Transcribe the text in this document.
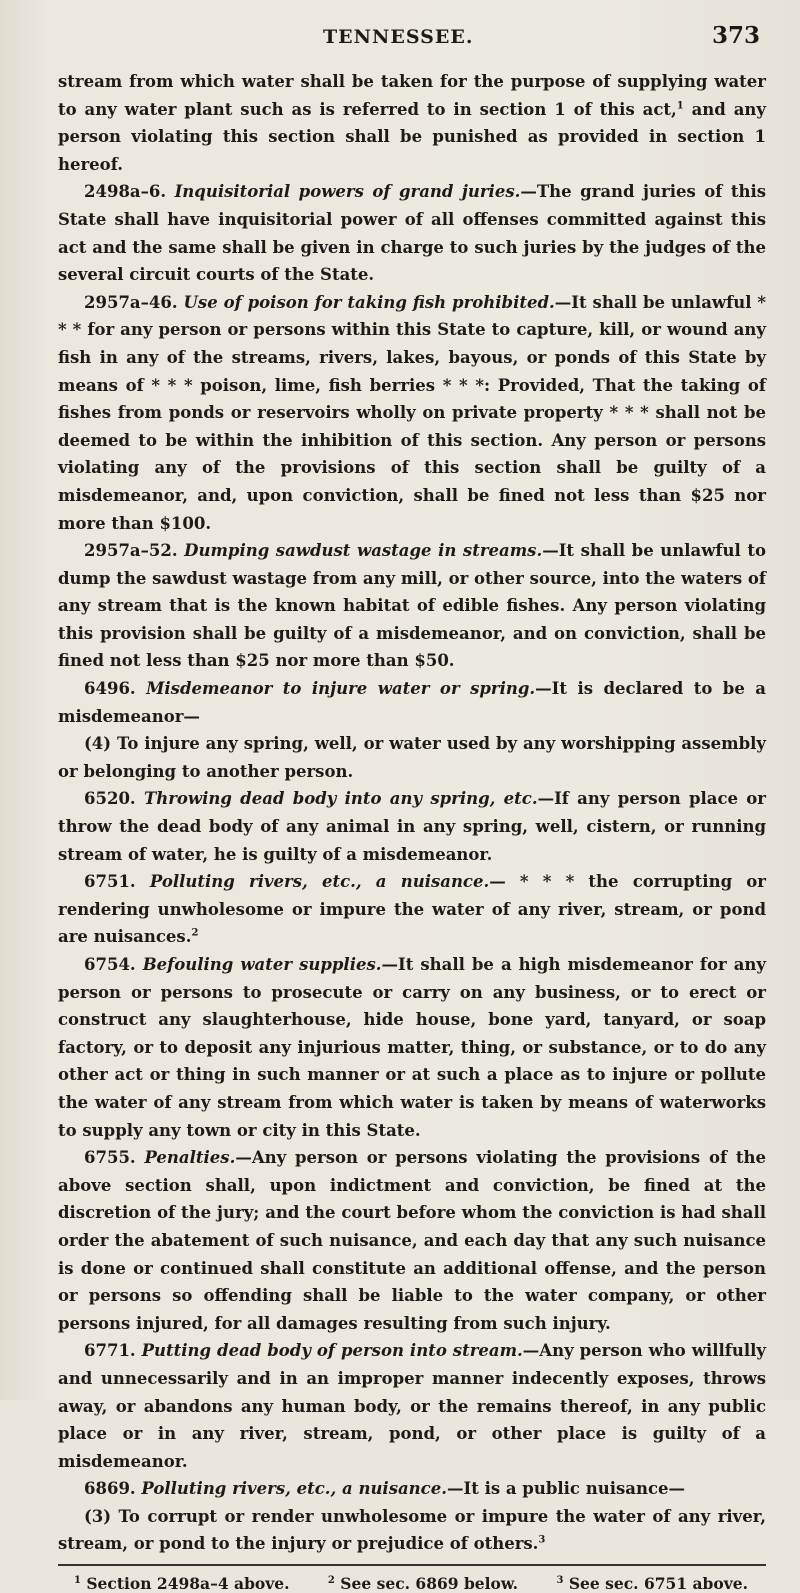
TENNESSEE.	373

stream from which water shall be taken for the purpose of supplying water to any water plant such as is referred to in section 1 of this act,$^1$ and any person violating this section shall be punished as provided in section 1 hereof.

2498a–6. Inquisitorial powers of grand juries.—The grand juries of this State shall have inquisitorial power of all offenses committed against this act and the same shall be given in charge to such juries by the judges of the several circuit courts of the State.

2957a–46. Use of poison for taking fish prohibited.—It shall be unlawful * * * for any person or persons within this State to capture, kill, or wound any fish in any of the streams, rivers, lakes, bayous, or ponds of this State by means of * * * poison, lime, fish berries * * *: Provided, That the taking of fishes from ponds or reservoirs wholly on private property * * * shall not be deemed to be within the inhibition of this section. Any person or persons violating any of the provisions of this section shall be guilty of a misdemeanor, and, upon conviction, shall be fined not less than $25 nor more than $100.

2957a–52. Dumping sawdust wastage in streams.—It shall be unlawful to dump the sawdust wastage from any mill, or other source, into the waters of any stream that is the known habitat of edible fishes. Any person violating this provision shall be guilty of a misdemeanor, and on conviction, shall be fined not less than $25 nor more than $50.

6496. Misdemeanor to injure water or spring.—It is declared to be a misdemeanor—

(4) To injure any spring, well, or water used by any worshipping assembly or belonging to another person.

6520. Throwing dead body into any spring, etc.—If any person place or throw the dead body of any animal in any spring, well, cistern, or running stream of water, he is guilty of a misdemeanor.

6751. Polluting rivers, etc., a nuisance.— * * * the corrupting or rendering unwholesome or impure the water of any river, stream, or pond are nuisances.$^2$

6754. Befouling water supplies.—It shall be a high misdemeanor for any person or persons to prosecute or carry on any business, or to erect or construct any slaughterhouse, hide house, bone yard, tanyard, or soap factory, or to deposit any injurious matter, thing, or substance, or to do any other act or thing in such manner or at such a place as to injure or pollute the water of any stream from which water is taken by means of waterworks to supply any town or city in this State.

6755. Penalties.—Any person or persons violating the provisions of the above section shall, upon indictment and conviction, be fined at the discretion of the jury; and the court before whom the conviction is had shall order the abatement of such nuisance, and each day that any such nuisance is done or continued shall constitute an additional offense, and the person or persons so offending shall be liable to the water company, or other persons injured, for all damages resulting from such injury.

6771. Putting dead body of person into stream.—Any person who willfully and unnecessarily and in an improper manner indecently exposes, throws away, or abandons any human body, or the remains thereof, in any public place or in any river, stream, pond, or other place is guilty of a misdemeanor.

6869. Polluting rivers, etc., a nuisance.—It is a public nuisance—

(3) To corrupt or render unwholesome or impure the water of any river, stream, or pond to the injury or prejudice of others.$^3$

$^1$ Section 2498a–4 above.	$^2$ See sec. 6869 below.	$^3$ See sec. 6751 above.
